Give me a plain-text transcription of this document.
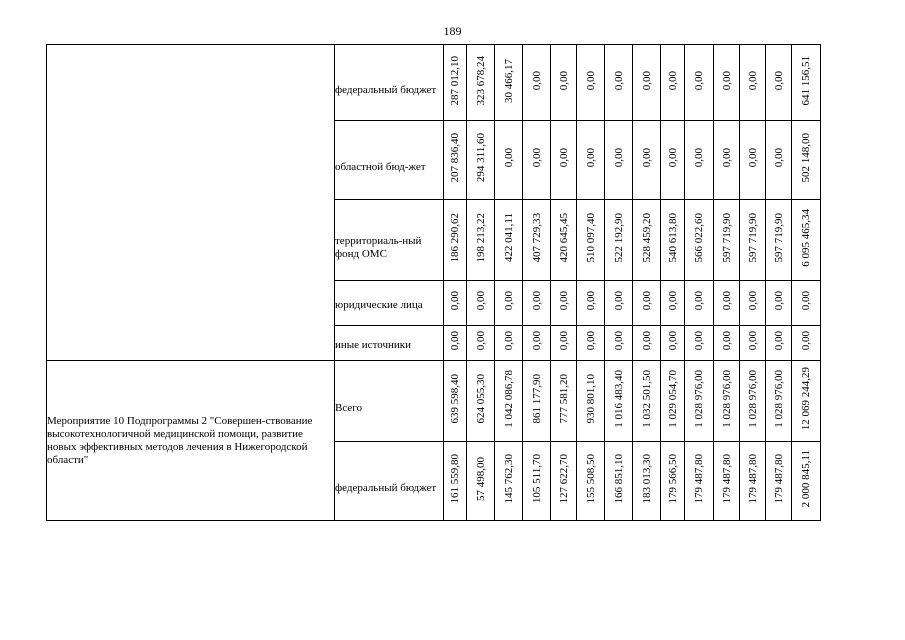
189

	федеральный бюджет	287 012,10	323 678,24	30 466,17	0,00	0,00	0,00	0,00	0,00	0,00	0,00	0,00	0,00	0,00	641 156,51

	областной бюд-жет	207 836,40	294 311,60	0,00	0,00	0,00	0,00	0,00	0,00	0,00	0,00	0,00	0,00	0,00	502 148,00

	территориаль-ный фонд ОМС	186 290,62	198 213,22	422 041,11	407 729,33	420 645,45	510 097,40	522 192,90	528 459,20	540 613,80	566 022,60	597 719,90	597 719,90	597 719,90	6 095 465,34

	юридические лица	0,00	0,00	0,00	0,00	0,00	0,00	0,00	0,00	0,00	0,00	0,00	0,00	0,00	0,00

	иные источники	0,00	0,00	0,00	0,00	0,00	0,00	0,00	0,00	0,00	0,00	0,00	0,00	0,00	0,00

Мероприятие 10 Подпрограммы 2 "Совершен-ствование высокотехнологичной медицинской помощи, развитие новых эффективных методов лечения в Нижегородской области"	Всего	639 598,40	624 055,30	1 042 086,78	861 177,90	777 581,20	930 801,10	1 016 483,40	1 032 501,50	1 029 054,70	1 028 976,00	1 028 976,00	1 028 976,00	1 028 976,00	12 069 244,29

	федеральный бюджет	161 559,80	57 498,00	145 762,30	105 511,70	127 622,70	155 508,50	166 851,10	183 013,30	179 566,50	179 487,80	179 487,80	179 487,80	179 487,80	2 000 845,11
